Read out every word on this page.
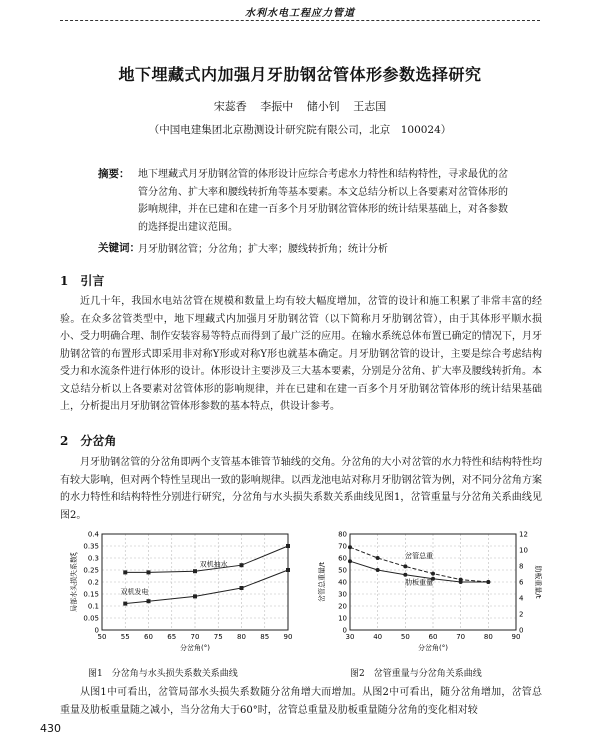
水利水电工程应力管道
地下埋藏式内加强月牙肋钢岔管体形参数选择研究
宋蕊香 李振中 储小钊 王志国
（中国电建集团北京勘测设计研究院有限公司，北京　100024）
摘要： 地下埋藏式月牙肋钢岔管的体形设计应综合考虑水力特性和结构特性，寻求最优的岔管分岔角、扩大率和腰线转折角等基本要素。本文总结分析以上各要素对岔管体形的影响规律，并在已建和在建一百多个月牙肋钢岔管体形的统计结果基础上，对各参数的选择提出建议范围。
关键词：
月牙肋钢岔管；分岔角；扩大率；腰线转折角；统计分析
1　引言
近几十年，我国水电站岔管在规模和数量上均有较大幅度增加，岔管的设计和施工积累了非常丰富的经验。在众多岔管类型中，地下埋藏式内加强月牙肋钢岔管（以下简称月牙肋钢岔管），由于其体形平顺水损小、受力明确合理、制作安装容易等特点而得到了最广泛的应用。在输水系统总体布置已确定的情况下，月牙肋钢岔管的布置形式即采用非对称Y形或对称Y形也就基本确定。月牙肋钢岔管的设计，主要是综合考虑结构受力和水流条件进行体形的设计。体形设计主要涉及三大基本要素，分别是分岔角、扩大率及腰线转折角。本文总结分析以上各要素对岔管体形的影响规律，并在已建和在建一百多个月牙肋钢岔管体形的统计结果基础上，分析提出月牙肋钢岔管体形参数的基本特点，供设计参考。
2　分岔角
月牙肋钢岔管的分岔角即两个支管基本锥管节轴线的交角。分岔角的大小对岔管的水力特性和结构特性均有较大影响，但对两个特性呈现出一致的影响规律。以西龙池电站对称月牙肋钢岔管为例，对不同分岔角方案的水力特性和结构特性分别进行研究，分岔角与水头损失系数关系曲线见图1，岔管重量与分岔角关系曲线见图2。
50 55 60 65 70 75 80 85 90
0
0.05
0.1
0.15
0.2
0.25
0.3
0.35
0.4
分岔角(°)
局部水头损失系数ξ	双机抽水
双机发电
图1　分岔角与水头损失系数关系曲线
30	40	50	60	70	80	90
0
10
20
30
40
50
60
70
80
0
2
4
6
8
10
12
分岔角(°)
岔管总重量/t	肋板重量/t
岔管总重
肋板重量
图2　岔管重量与分岔角关系曲线
从图1中可看出，岔管局部水头损失系数随分岔角增大而增加。从图2中可看出，随分岔角增加，岔管总重量及肋板重量随之减小，当分岔角大于60°时，岔管总重量及肋板重量随分岔角的变化相对较
430
